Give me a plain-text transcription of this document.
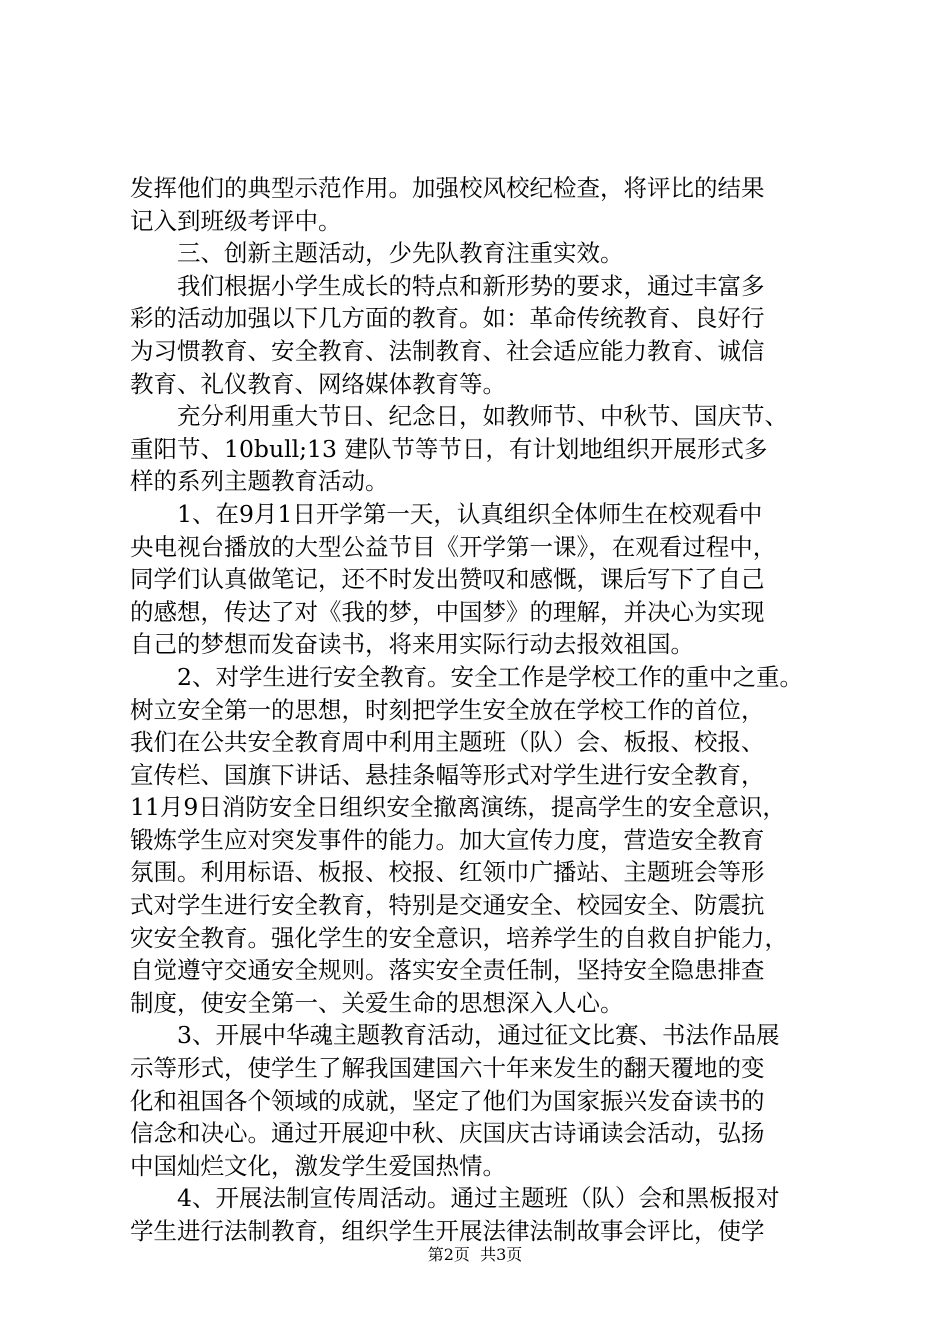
发挥他们的典型示范作用。加强校风校纪检查，将评比的结果
记入到班级考评中。
　　三、创新主题活动，少先队教育注重实效。
　　我们根据小学生成长的特点和新形势的要求，通过丰富多
彩的活动加强以下几方面的教育。如：革命传统教育、良好行
为习惯教育、安全教育、法制教育、社会适应能力教育、诚信
教育、礼仪教育、网络媒体教育等。
　　充分利用重大节日、纪念日，如教师节、中秋节、国庆节、
重阳节、10bull;13 建队节等节日，有计划地组织开展形式多
样的系列主题教育活动。
　　1、在9月1日开学第一天，认真组织全体师生在校观看中
央电视台播放的大型公益节目《开学第一课》，在观看过程中，
同学们认真做笔记，还不时发出赞叹和感慨，课后写下了自己
的感想，传达了对《我的梦，中国梦》的理解，并决心为实现
自己的梦想而发奋读书，将来用实际行动去报效祖国。
　　2、对学生进行安全教育。安全工作是学校工作的重中之重。
树立安全第一的思想，时刻把学生安全放在学校工作的首位，
我们在公共安全教育周中利用主题班（队）会、板报、校报、
宣传栏、国旗下讲话、悬挂条幅等形式对学生进行安全教育，
11月9日消防安全日组织安全撤离演练，提高学生的安全意识，
锻炼学生应对突发事件的能力。加大宣传力度，营造安全教育
氛围。利用标语、板报、校报、红领巾广播站、主题班会等形
式对学生进行安全教育，特别是交通安全、校园安全、防震抗
灾安全教育。强化学生的安全意识，培养学生的自救自护能力，
自觉遵守交通安全规则。落实安全责任制，坚持安全隐患排查
制度，使安全第一、关爱生命的思想深入人心。
　　3、开展中华魂主题教育活动，通过征文比赛、书法作品展
示等形式，使学生了解我国建国六十年来发生的翻天覆地的变
化和祖国各个领域的成就，坚定了他们为国家振兴发奋读书的
信念和决心。通过开展迎中秋、庆国庆古诗诵读会活动，弘扬
中国灿烂文化，激发学生爱国热情。
　　4、开展法制宣传周活动。通过主题班（队）会和黑板报对
学生进行法制教育，组织学生开展法律法制故事会评比，使学
第2页  共3页
